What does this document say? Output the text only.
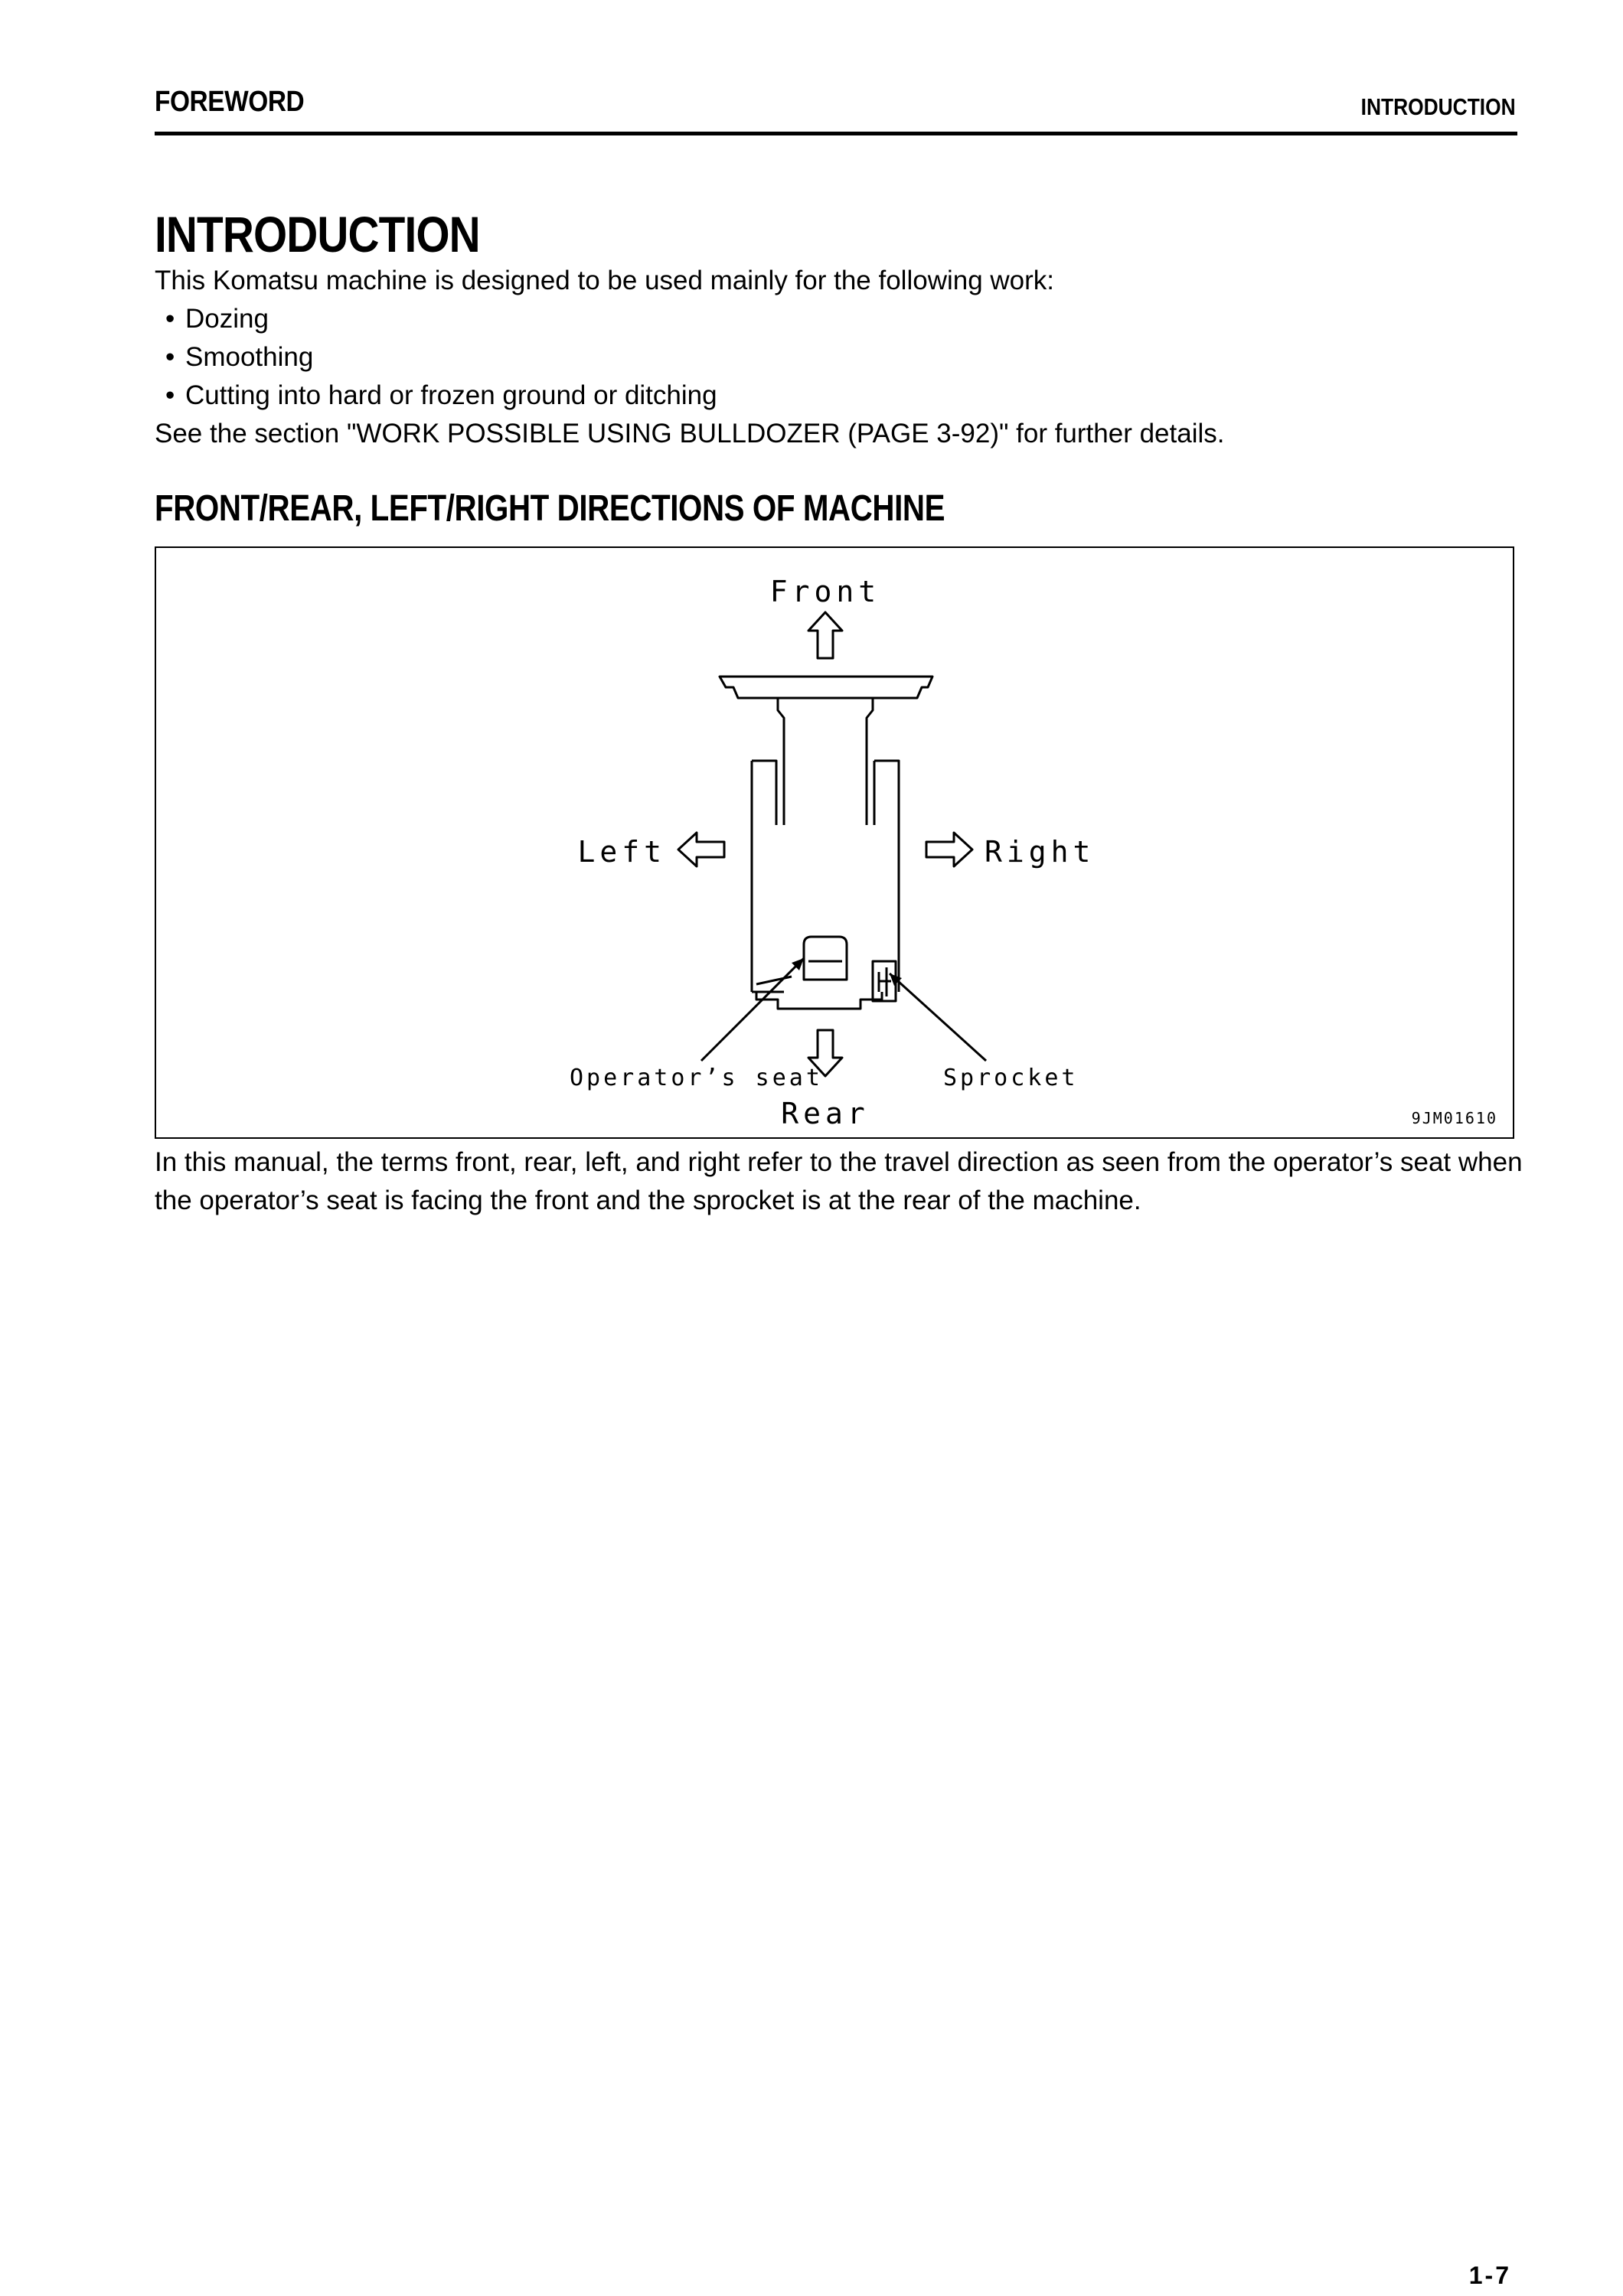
FOREWORD	INTRODUCTION
INTRODUCTION

This Komatsu machine is designed to be used mainly for the following work:

• Dozing
• Smoothing
• Cutting into hard or frozen ground or ditching

See the section "WORK POSSIBLE USING BULLDOZER (PAGE 3-92)" for further details.

FRONT/REAR, LEFT/RIGHT DIRECTIONS OF MACHINE
Front
Rear
Left	Right
Operator’s seat	Sprocket
9JM01610

In this manual, the terms front, rear, left, and right refer to the travel direction as seen from the operator’s seat when the operator’s seat is facing the front and the sprocket is at the rear of the machine.

1-7
